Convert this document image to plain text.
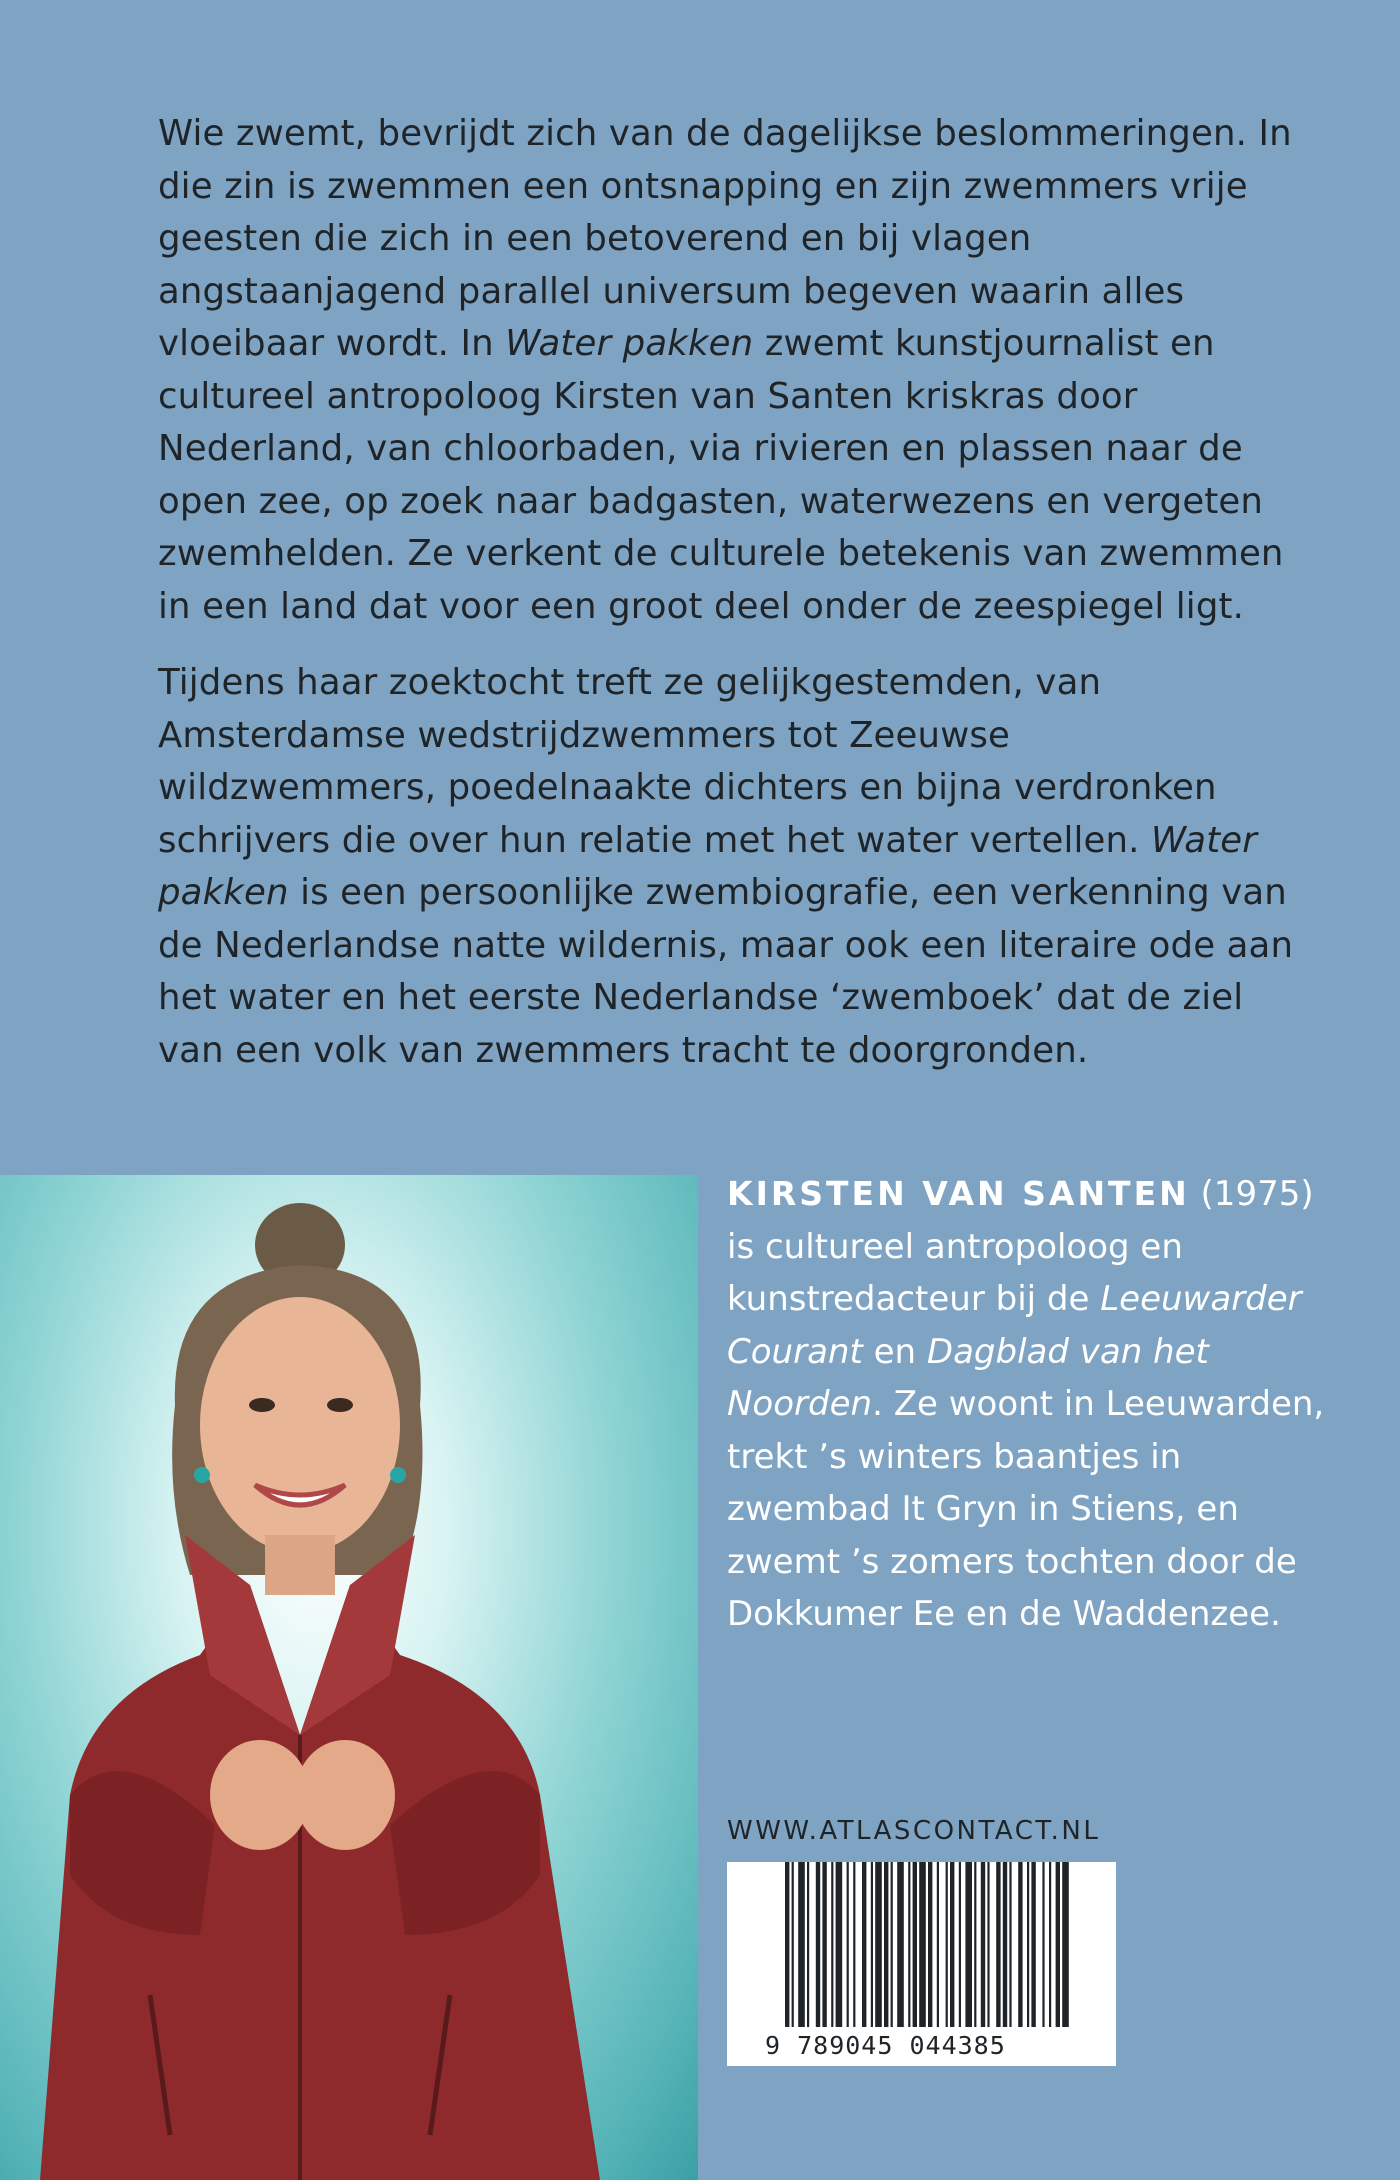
Wie zwemt, bevrijdt zich van de dagelijkse beslommeringen. In die zin is zwemmen een ontsnapping en zijn zwemmers vrije geesten die zich in een betoverend en bij vlagen angstaanjagend parallel universum begeven waarin alles vloeibaar wordt. In Water pakken zwemt kunstjournalist en cultureel antropoloog Kirsten van Santen kriskras door Nederland, van chloorbaden, via rivieren en plassen naar de open zee, op zoek naar badgasten, waterwezens en vergeten zwemhelden. Ze verkent de culturele betekenis van zwemmen in een land dat voor een groot deel onder de zeespiegel ligt.

Tijdens haar zoektocht treft ze gelijkgestemden, van Amsterdamse wedstrijdzwemmers tot Zeeuwse wildzwemmers, poedelnaakte dichters en bijna verdronken schrijvers die over hun relatie met het water vertellen. Water pakken is een persoonlijke zwembiografie, een verkenning van de Nederlandse natte wildernis, maar ook een literaire ode aan het water en het eerste Nederlandse ‘zwemboek’ dat de ziel van een volk van zwemmers tracht te doorgronden.

KIRSTEN VAN SANTEN (1975) is cultureel antropoloog en kunstredacteur bij de Leeuwarder Courant en Dagblad van het Noorden. Ze woont in Leeuwarden, trekt ’s winters baantjes in zwembad It Gryn in Stiens, en zwemt ’s zomers tochten door de Dokkumer Ee en de Waddenzee.
WWW.ATLASCONTACT.NL
9 789045 044385
